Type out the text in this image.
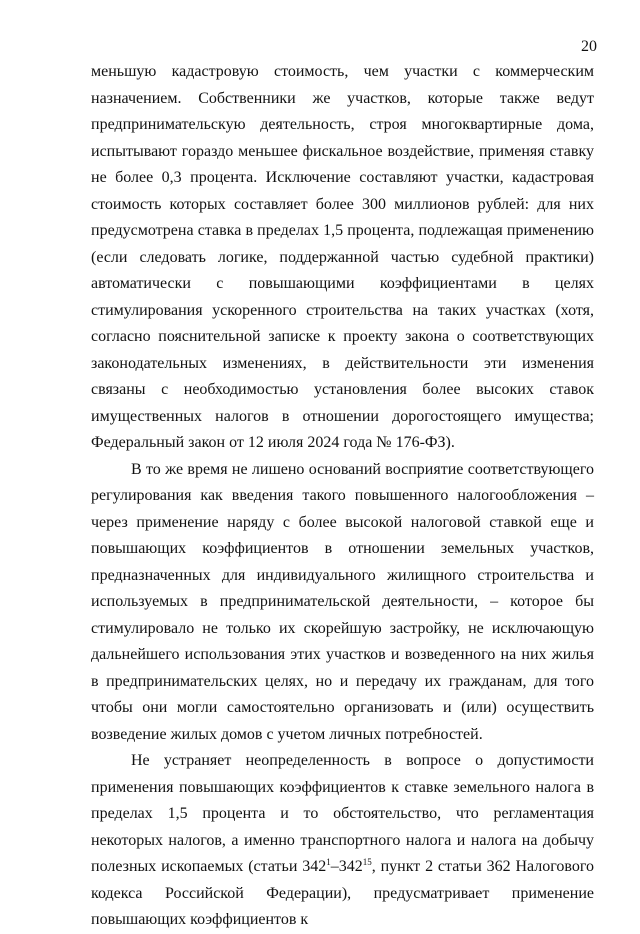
20

меньшую кадастровую стоимость, чем участки с коммерческим назначением. Собственники же участков, которые также ведут предпринимательскую деятельность, строя многоквартирные дома, испытывают гораздо меньшее фискальное воздействие, применяя ставку не более 0,3 процента. Исключение составляют участки, кадастровая стоимость которых составляет более 300 миллионов рублей: для них предусмотрена ставка в пределах 1,5 процента, подлежащая применению (если следовать логике, поддержанной частью судебной практики) автоматически с повышающими коэффициентами в целях стимулирования ускоренного строительства на таких участках (хотя, согласно пояснительной записке к проекту закона о соответствующих законодательных изменениях, в действительности эти изменения связаны с необходимостью установления более высоких ставок имущественных налогов в отношении дорогостоящего имущества; Федеральный закон от 12 июля 2024 года № 176-ФЗ).

В то же время не лишено оснований восприятие соответствующего регулирования как введения такого повышенного налогообложения – через применение наряду с более высокой налоговой ставкой еще и повышающих коэффициентов в отношении земельных участков, предназначенных для индивидуального жилищного строительства и используемых в предпринимательской деятельности, – которое бы стимулировало не только их скорейшую застройку, не исключающую дальнейшего использования этих участков и возведенного на них жилья в предпринимательских целях, но и передачу их гражданам, для того чтобы они могли самостоятельно организовать и (или) осуществить возведение жилых домов с учетом личных потребностей.

Не устраняет неопределенность в вопросе о допустимости применения повышающих коэффициентов к ставке земельного налога в пределах 1,5 процента и то обстоятельство, что регламентация некоторых налогов, а именно транспортного налога и налога на добычу полезных ископаемых (статьи $342^1-342^{15}$, пункт 2 статьи 362 Налогового кодекса Российской Федерации), предусматривает применение повышающих коэффициентов к
